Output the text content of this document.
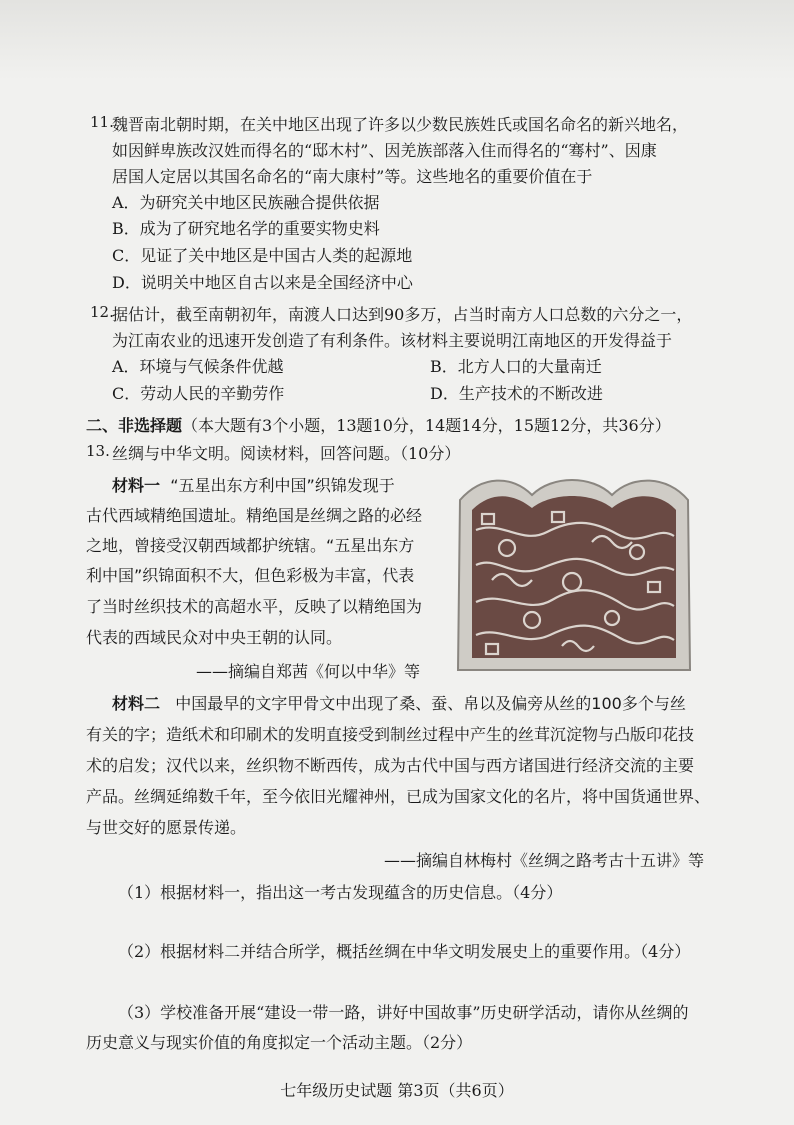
11.
魏晋南北朝时期，在关中地区出现了许多以少数民族姓氏或国名命名的新兴地名，
如因鲜卑族改汉姓而得名的“邸木村”、因羌族部落入住而得名的“骞村”、因康
居国人定居以其国名命名的“南大康村”等。这些地名的重要价值在于
A．为研究关中地区民族融合提供依据
B．成为了研究地名学的重要实物史料
C．见证了关中地区是中国古人类的起源地
D．说明关中地区自古以来是全国经济中心
12.
据估计，截至南朝初年，南渡人口达到90多万，占当时南方人口总数的六分之一，
为江南农业的迅速开发创造了有利条件。该材料主要说明江南地区的开发得益于
A．环境与气候条件优越	B．北方人口的大量南迁
C．劳动人民的辛勤劳作	D．生产技术的不断改进
二、非选择题（本大题有3个小题，13题10分，14题14分，15题12分，共36分）
13. 丝绸与中华文明。阅读材料，回答问题。（10分）
材料一 “五星出东方利中国”织锦发现于
古代西域精绝国遗址。精绝国是丝绸之路的必经
之地，曾接受汉朝西域都护统辖。“五星出东方
利中国”织锦面积不大，但色彩极为丰富，代表
了当时丝织技术的高超水平，反映了以精绝国为
代表的西域民众对中央王朝的认同。
——摘编自郑茜《何以中华》等
材料二 中国最早的文字甲骨文中出现了桑、蚕、帛以及偏旁从丝的100多个与丝
有关的字；造纸术和印刷术的发明直接受到制丝过程中产生的丝茸沉淀物与凸版印花技
术的启发；汉代以来，丝织物不断西传，成为古代中国与西方诸国进行经济交流的主要
产品。丝绸延绵数千年，至今依旧光耀神州，已成为国家文化的名片，将中国货通世界、
与世交好的愿景传递。
——摘编自林梅村《丝绸之路考古十五讲》等
（1）根据材料一，指出这一考古发现蕴含的历史信息。（4分）
（2）根据材料二并结合所学，概括丝绸在中华文明发展史上的重要作用。（4分）
（3）学校准备开展“建设一带一路，讲好中国故事”历史研学活动，请你从丝绸的
历史意义与现实价值的角度拟定一个活动主题。（2分）
七年级历史试题 第3页（共6页）
